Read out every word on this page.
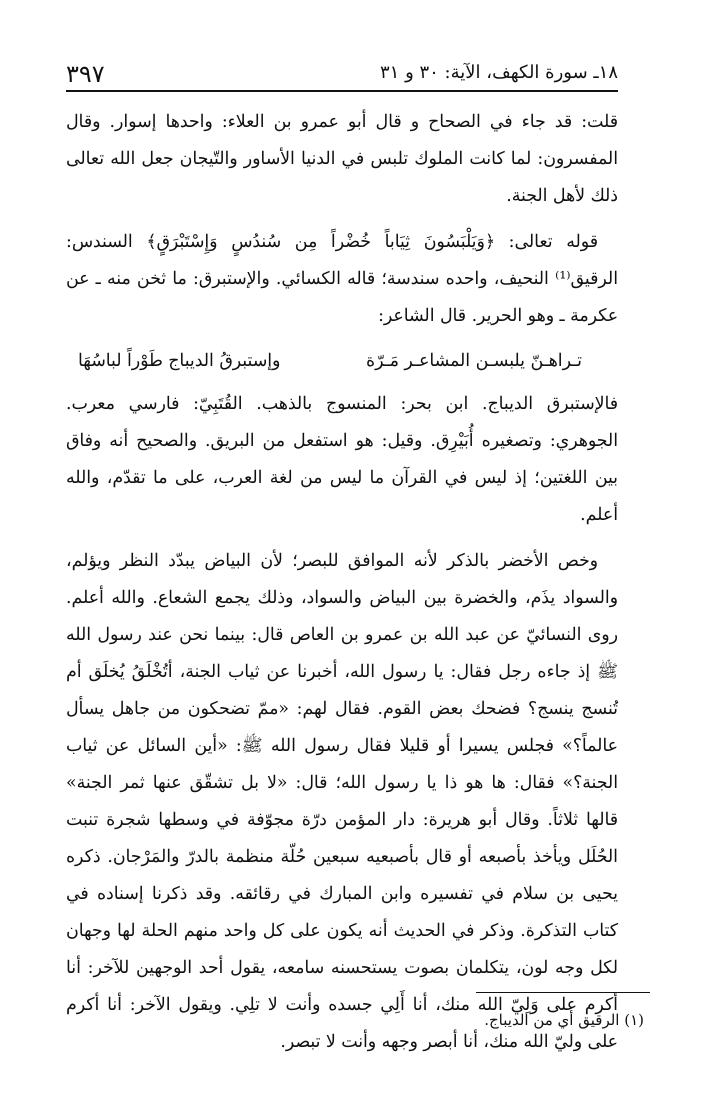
٣٩٧	١٨ـ سورة الكهف، الآية: ٣٠ و ٣١

قلت: قد جاء في الصحاح و قال أبو عمرو بن العلاء: واحدها إسوار. وقال المفسرون: لما كانت الملوك تلبس في الدنيا الأساور والتّيجان جعل الله تعالى ذلك لأهل الجنة.

قوله تعالى: ﴿وَيَلْبَسُونَ ثِيَاباً خُضْراً مِن سُندُسٍ وَإِسْتَبْرَقٍ﴾ السندس: الرقيق⁽¹⁾ النحيف، واحده سندسة؛ قاله الكسائي. والإستبرق: ما ثخن منه ـ عن عكرمة ـ وهو الحرير. قال الشاعر:

تـراهـنّ يلبسـن المشاعـر مَـرّة
وإستبرقُ الديباج طَوْراً لباسُهَا

فالإستبرق الديباج. ابن بحر: المنسوج بالذهب. القُتَبِيّ: فارسي معرب. الجوهري: وتصغيره أُبَيْرِق. وقيل: هو استفعل من البريق. والصحيح أنه وفاق بين اللغتين؛ إذ ليس في القرآن ما ليس من لغة العرب، على ما تقدّم، والله أعلم.

وخص الأخضر بالذكر لأنه الموافق للبصر؛ لأن البياض يبدّد النظر ويؤلم، والسواد يذَم، والخضرة بين البياض والسواد، وذلك يجمع الشعاع. والله أعلم. روى النسائيّ عن عبد الله بن عمرو بن العاص قال: بينما نحن عند رسول الله ﷺ إذ جاءه رجل فقال: يا رسول الله، أخبرنا عن ثياب الجنة، أتُخْلَقُ يُخلَق أم تُنسج ينسج؟ فضحك بعض القوم. فقال لهم: «ممّ تضحكون من جاهل يسأل عالماً؟» فجلس يسيرا أو قليلا فقال رسول الله ﷺ: «أين السائل عن ثياب الجنة؟» فقال: ها هو ذا يا رسول الله؛ قال: «لا بل تشقّق عنها ثمر الجنة» قالها ثلاثاً. وقال أبو هريرة: دار المؤمن درّة مجوّفة في وسطها شجرة تنبت الحُلَل ويأخذ بأصبعه أو قال بأصبعيه سبعين حُلّة منظمة بالدرّ والمَرْجان. ذكره يحيى بن سلام في تفسيره وابن المبارك في رقائقه. وقد ذكرنا إسناده في كتاب التذكرة. وذكر في الحديث أنه يكون على كل واحد منهم الحلة لها وجهان لكل وجه لون، يتكلمان بصوت يستحسنه سامعه، يقول أحد الوجهين للآخر: أنا أكرم على وَلِيّ الله منك، أنا أَلِي جسده وأنت لا تلِي. ويقول الآخر: أنا أكرم على وليّ الله منك، أنا أبصر وجهه وأنت لا تبصر.

(١) الرقيق أي من الديباج.
